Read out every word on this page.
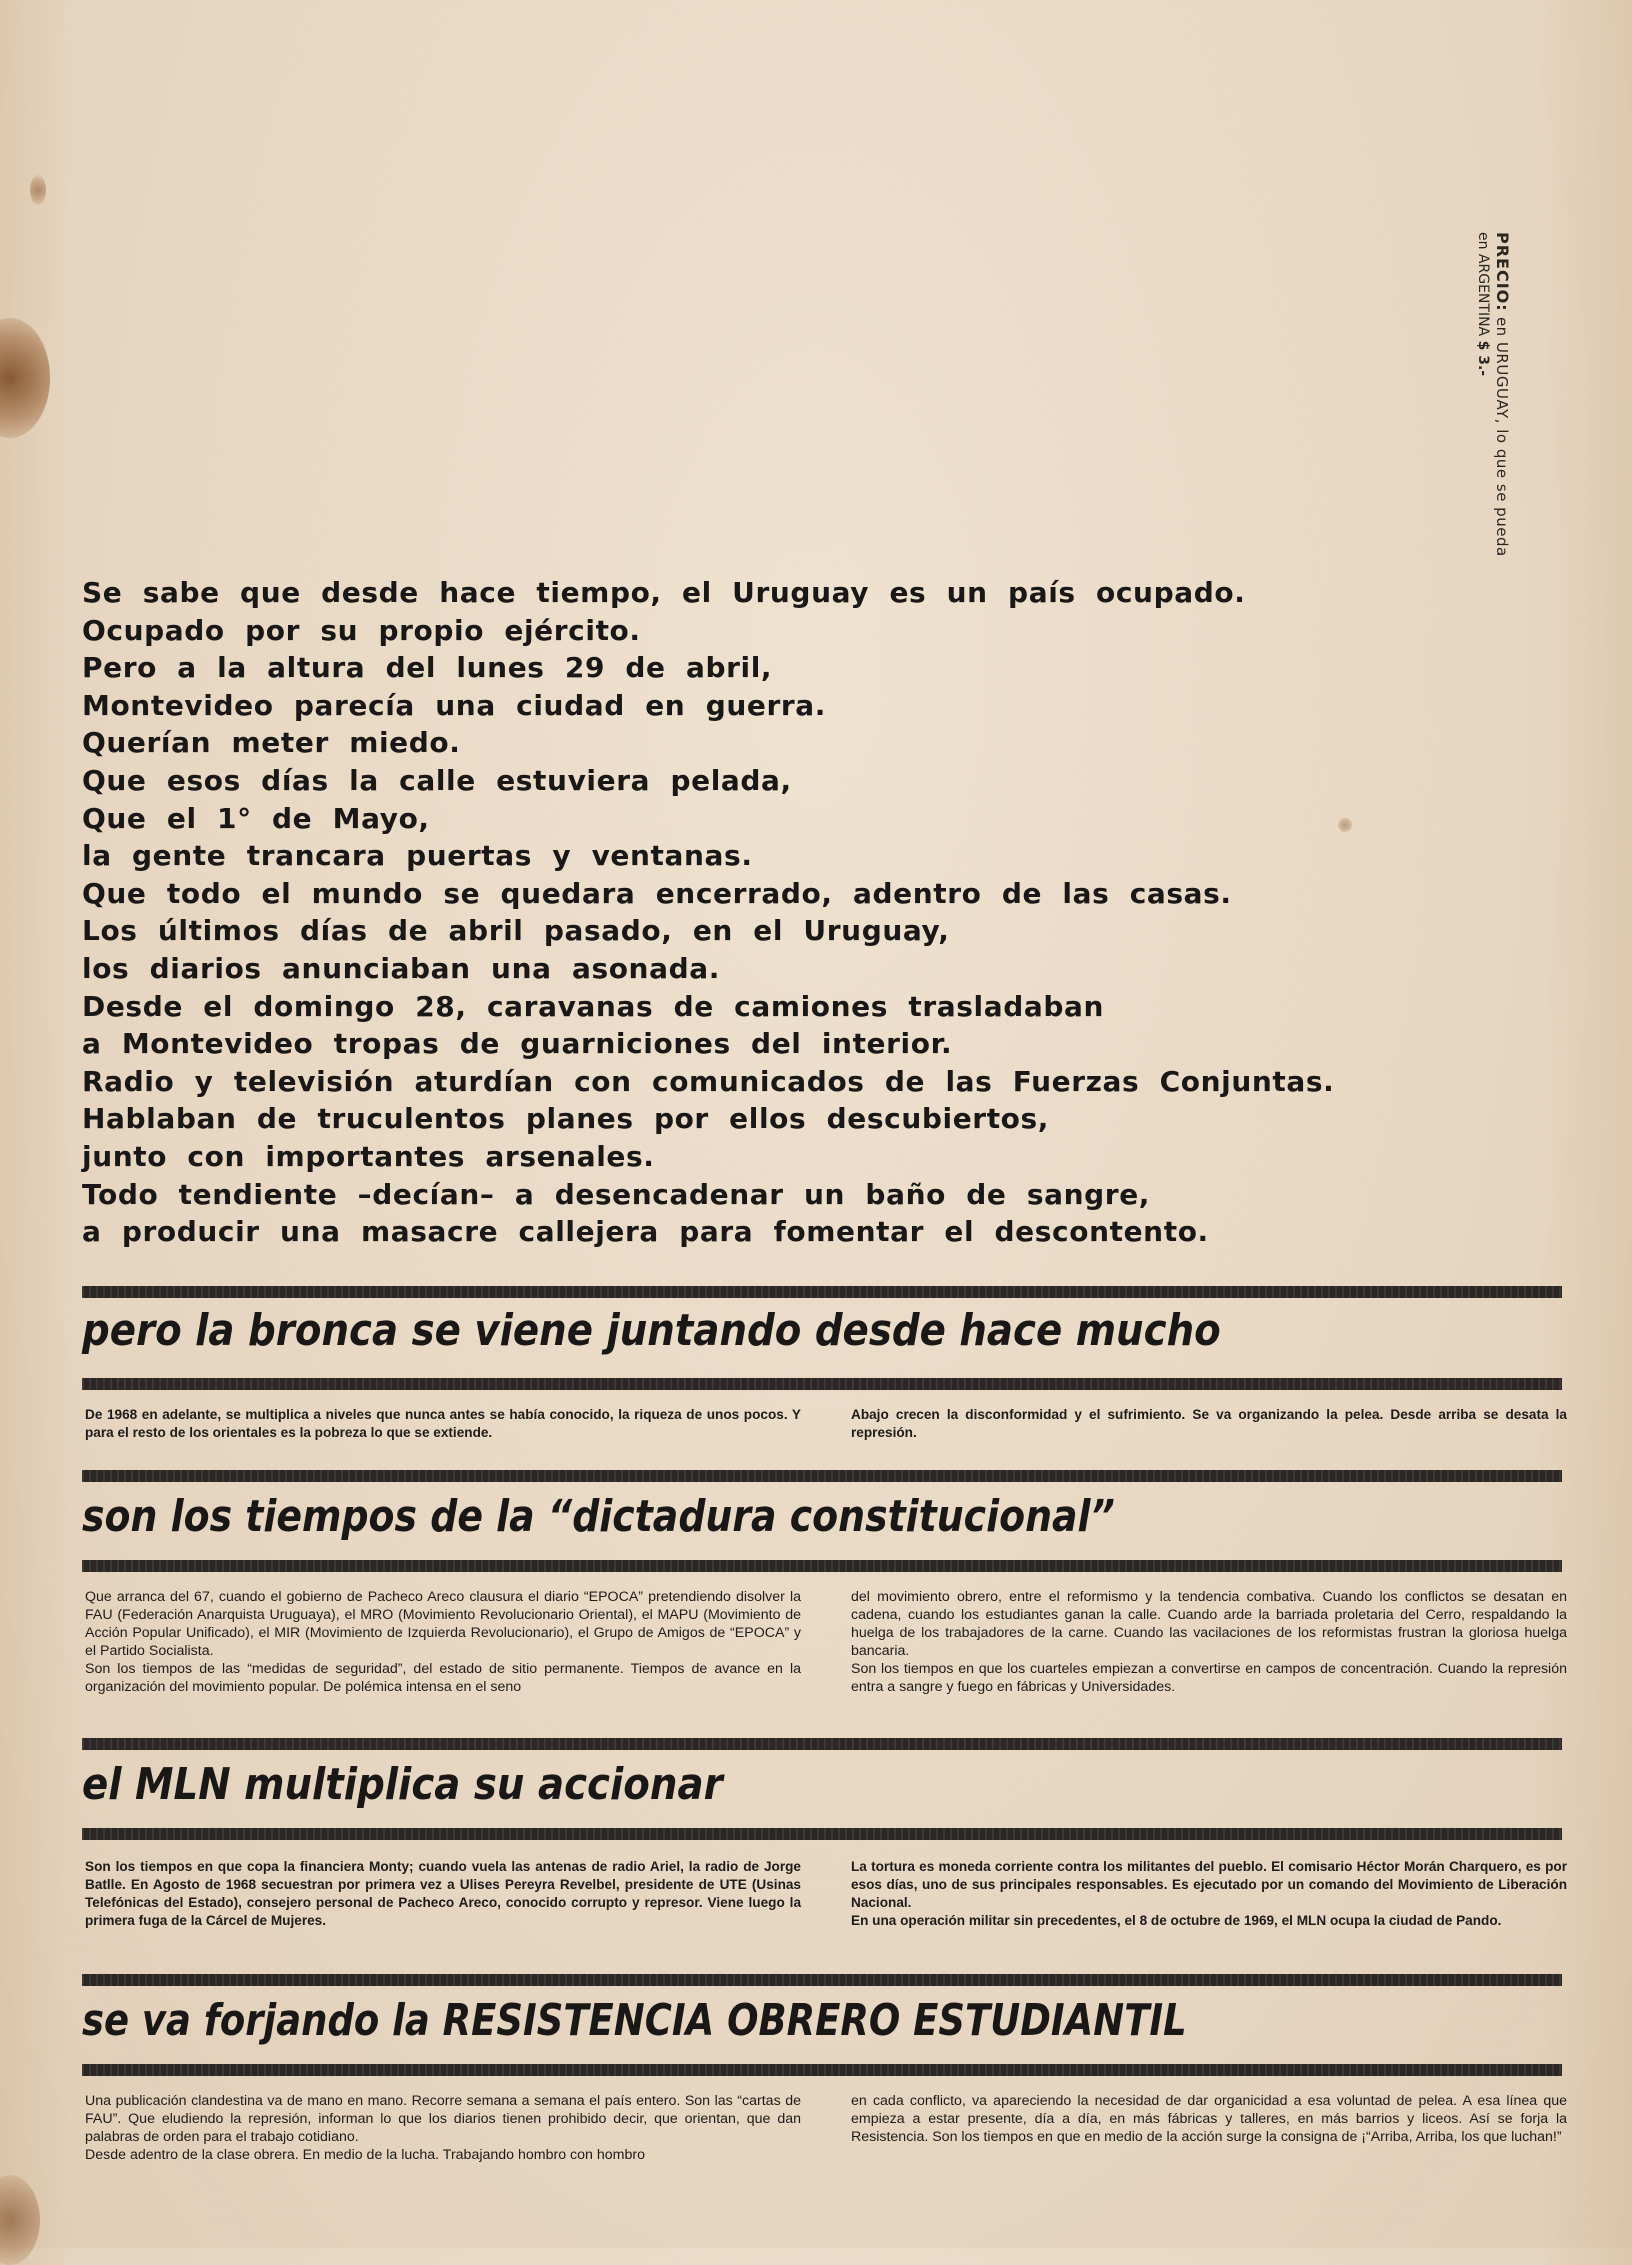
PRECIO: en URUGUAY, lo que se pueda
en ARGENTINA $ 3.-
Se sabe que desde hace tiempo, el Uruguay es un país ocupado.
Ocupado por su propio ejército.
Pero a la altura del lunes 29 de abril,
Montevideo parecía una ciudad en guerra.
Querían meter miedo.
Que esos días la calle estuviera pelada,
Que el 1° de Mayo,
la gente trancara puertas y ventanas.
Que todo el mundo se quedara encerrado, adentro de las casas.
Los últimos días de abril pasado, en el Uruguay,
los diarios anunciaban una asonada.
Desde el domingo 28, caravanas de camiones trasladaban
a Montevideo tropas de guarniciones del interior.
Radio y televisión aturdían con comunicados de las Fuerzas Conjuntas.
Hablaban de truculentos planes por ellos descubiertos,
junto con importantes arsenales.
Todo tendiente –decían– a desencadenar un baño de sangre,
a producir una masacre callejera para fomentar el descontento.
pero la bronca se viene juntando desde hace mucho
De 1968 en adelante, se multiplica a niveles que nunca antes se había conocido, la riqueza de unos pocos. Y para el resto de los orientales es la pobreza lo que se extiende.
Abajo crecen la disconformidad y el sufrimiento. Se va organizando la pelea. Desde arriba se desata la represión.
son los tiempos de la “dictadura constitucional”
Que arranca del 67, cuando el gobierno de Pacheco Areco clausura el diario “EPOCA” pretendiendo disolver la FAU (Federación Anarquista Uruguaya), el MRO (Movimiento Revolucionario Oriental), el MAPU (Movimiento de Acción Popular Unificado), el MIR (Movimiento de Izquierda Revolucionario), el Grupo de Amigos de “EPOCA” y el Partido Socialista.
Son los tiempos de las “medidas de seguridad”, del estado de sitio permanente. Tiempos de avance en la organización del movimiento popular. De polémica intensa en el seno
del movimiento obrero, entre el reformismo y la tendencia combativa. Cuando los conflictos se desatan en cadena, cuando los estudiantes ganan la calle. Cuando arde la barriada proletaria del Cerro, respaldando la huelga de los trabajadores de la carne. Cuando las vacilaciones de los reformistas frustran la gloriosa huelga bancaria.
Son los tiempos en que los cuarteles empiezan a convertirse en campos de concentración. Cuando la represión entra a sangre y fuego en fábricas y Universidades.
el MLN multiplica su accionar
Son los tiempos en que copa la financiera Monty; cuando vuela las antenas de radio Ariel, la radio de Jorge Batlle. En Agosto de 1968 secuestran por primera vez a Ulises Pereyra Revelbel, presidente de UTE (Usinas Telefónicas del Estado), consejero personal de Pacheco Areco, conocido corrupto y represor. Viene luego la primera fuga de la Cárcel de Mujeres.
La tortura es moneda corriente contra los militantes del pueblo. El comisario Héctor Morán Charquero, es por esos días, uno de sus principales responsables. Es ejecutado por un comando del Movimiento de Liberación Nacional.
En una operación militar sin precedentes, el 8 de octubre de 1969, el MLN ocupa la ciudad de Pando.
se va forjando la RESISTENCIA OBRERO ESTUDIANTIL
Una publicación clandestina va de mano en mano. Recorre semana a semana el país entero. Son las “cartas de FAU”. Que eludiendo la represión, informan lo que los diarios tienen prohibido decir, que orientan, que dan palabras de orden para el trabajo cotidiano.
Desde adentro de la clase obrera. En medio de la lucha. Trabajando hombro con hombro
en cada conflicto, va apareciendo la necesidad de dar organicidad a esa voluntad de pelea. A esa línea que empieza a estar presente, día a día, en más fábricas y talleres, en más barrios y liceos. Así se forja la Resistencia. Son los tiempos en que en medio de la acción surge la consigna de ¡“Arriba, Arriba, los que luchan!”
